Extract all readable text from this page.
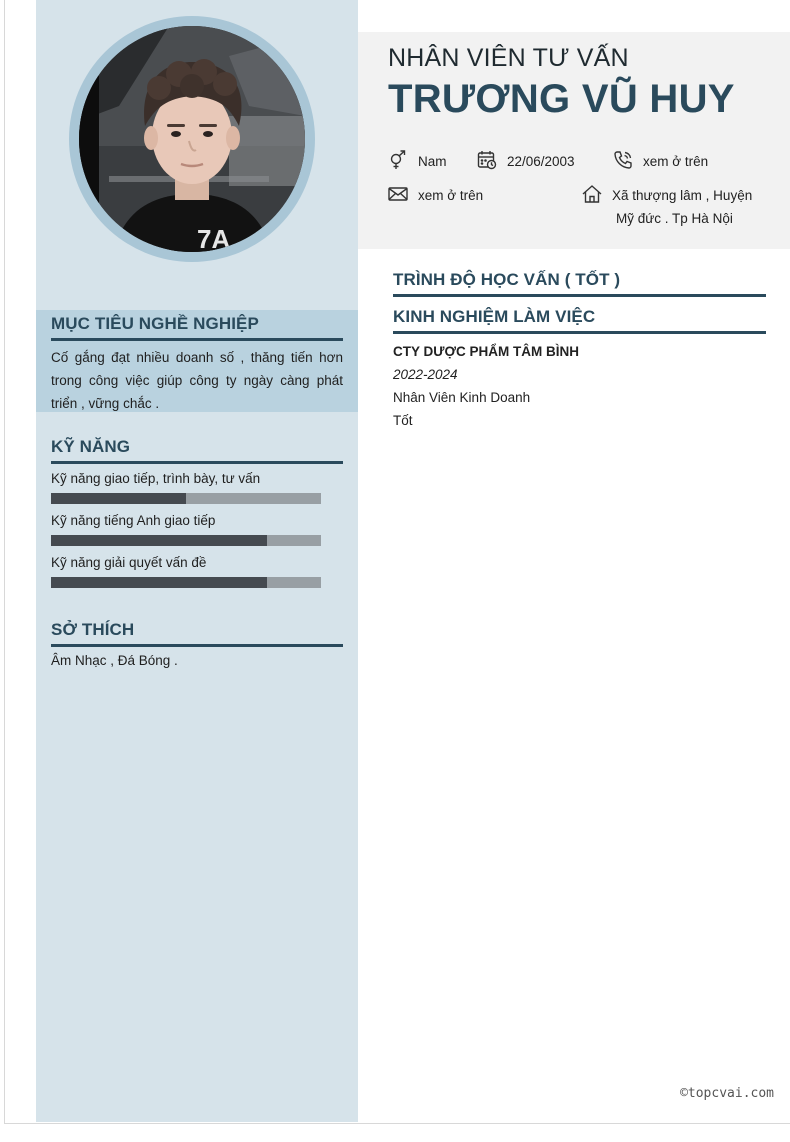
7A
MỤC TIÊU NGHỀ NGHIỆP

Cố gắng đạt nhiều doanh số , thăng tiến hơn trong công việc giúp công ty ngày càng phát triển , vững chắc .

KỸ NĂNG
Kỹ năng giao tiếp, trình bày, tư vấn
Kỹ năng tiếng Anh giao tiếp
Kỹ năng giải quyết vấn đề
SỞ THÍCH

Âm Nhạc , Đá Bóng .

NHÂN VIÊN TƯ VẤN
TRƯƠNG VŨ HUY
Nam	22/06/2003	xem ở trên
xem ở trên	Xã thượng lâm , Huyện
Mỹ đức . Tp Hà Nội
TRÌNH ĐỘ HỌC VẤN ( TỐT )
KINH NGHIỆM LÀM VIỆC
CTY DƯỢC PHẨM TÂM BÌNH
2022-2024
Nhân Viên Kinh Doanh
Tốt
©topcvai.com
